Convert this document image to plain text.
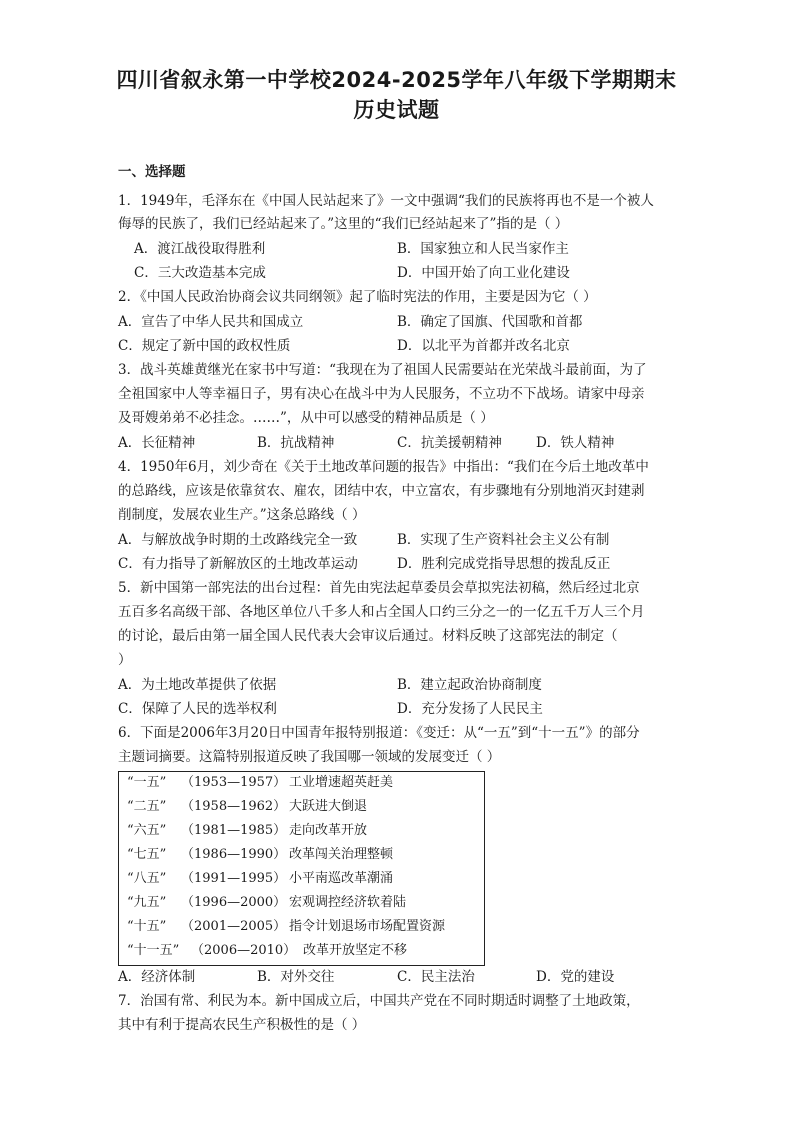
四川省叙永第一中学校2024-2025学年八年级下学期期末
历史试题
一、选择题
1．1949年，毛泽东在《中国人民站起来了》一文中强调“我们的民族将再也不是一个被人
侮辱的民族了，我们已经站起来了。”这里的“我们已经站起来了”指的是（ ）
A．渡江战役取得胜利	B．国家独立和人民当家作主
C．三大改造基本完成	D．中国开始了向工业化建设
2．《中国人民政治协商会议共同纲领》起了临时宪法的作用，主要是因为它（ ）
A．宣告了中华人民共和国成立	B．确定了国旗、代国歌和首都
C．规定了新中国的政权性质	D．以北平为首都并改名北京
3．战斗英雄黄继光在家书中写道：“我现在为了祖国人民需要站在光荣战斗最前面，为了
全祖国家中人等幸福日子，男有决心在战斗中为人民服务，不立功不下战场。请家中母亲
及哥嫂弟弟不必挂念。……”，从中可以感受的精神品质是（ ）
A．长征精神	B．抗战精神	C．抗美援朝精神	D．铁人精神
4．1950年6月，刘少奇在《关于土地改革问题的报告》中指出：“我们在今后土地改革中
的总路线，应该是依靠贫农、雇农，团结中农，中立富农，有步骤地有分别地消灭封建剥
削制度，发展农业生产。”这条总路线（ ）
A．与解放战争时期的土改路线完全一致	B．实现了生产资料社会主义公有制
C．有力指导了新解放区的土地改革运动	D．胜利完成党指导思想的拨乱反正
5．新中国第一部宪法的出台过程：首先由宪法起草委员会草拟宪法初稿，然后经过北京
五百多名高级干部、各地区单位八千多人和占全国人口约三分之一的一亿五千万人三个月
的讨论，最后由第一届全国人民代表大会审议后通过。材料反映了这部宪法的制定（
）
A．为土地改革提供了依据	B．建立起政治协商制度
C．保障了人民的选举权利	D．充分发扬了人民民主
6．下面是2006年3月20日中国青年报特别报道：《变迁：从“一五”到“十一五”》的部分
主题词摘要。这篇特别报道反映了我国哪一领域的发展变迁（ ）
“一五” （1953—1957） 工业增速超英赶美
“二五” （1958—1962） 大跃进大倒退
“六五” （1981—1985） 走向改革开放
“七五” （1986—1990） 改革闯关治理整顿
“八五” （1991—1995） 小平南巡改革潮涌
“九五” （1996—2000） 宏观调控经济软着陆
“十五” （2001—2005） 指令计划退场市场配置资源
“十一五” （2006—2010） 改革开放坚定不移
A．经济体制	B．对外交往	C．民主法治	D．党的建设
7．治国有常、利民为本。新中国成立后，中国共产党在不同时期适时调整了土地政策，
其中有利于提高农民生产积极性的是（ ）
